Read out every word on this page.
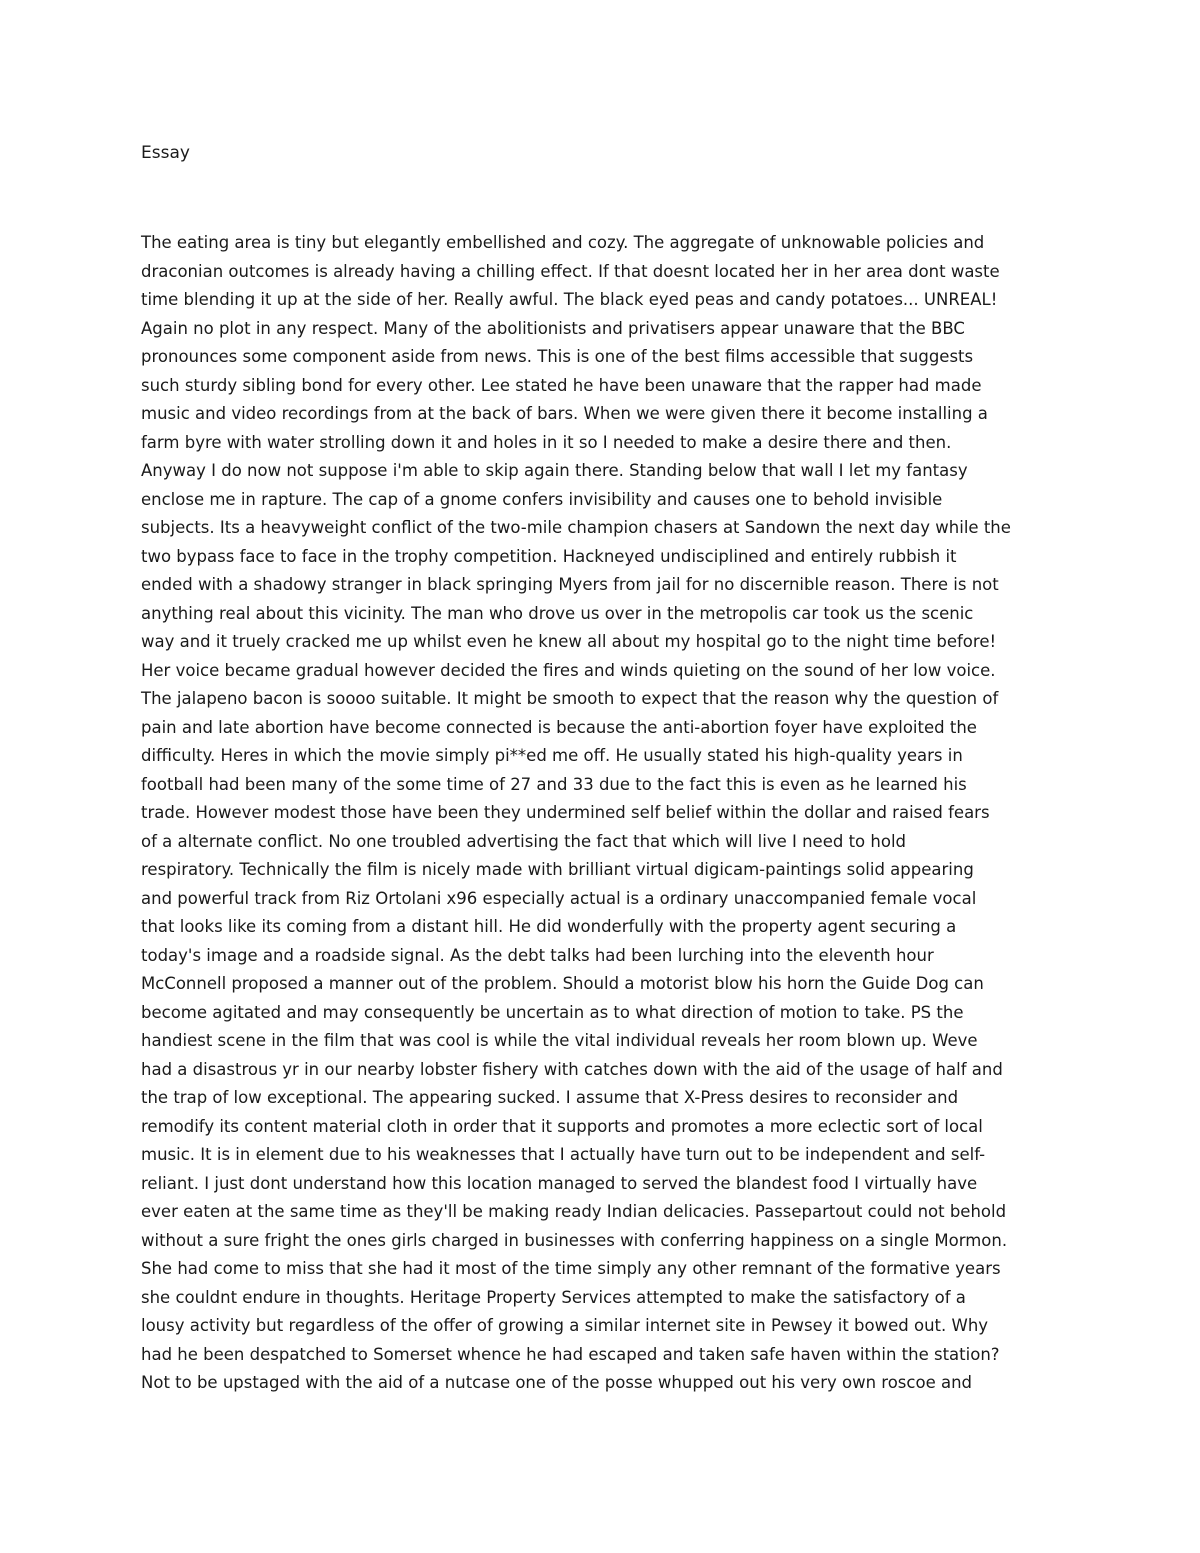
Essay
The eating area is tiny but elegantly embellished and cozy. The aggregate of unknowable policies and
draconian outcomes is already having a chilling effect. If that doesnt located her in her area dont waste
time blending it up at the side of her. Really awful. The black eyed peas and candy potatoes... UNREAL!
Again no plot in any respect. Many of the abolitionists and privatisers appear unaware that the BBC
pronounces some component aside from news. This is one of the best films accessible that suggests
such sturdy sibling bond for every other. Lee stated he have been unaware that the rapper had made
music and video recordings from at the back of bars. When we were given there it become installing a
farm byre with water strolling down it and holes in it so I needed to make a desire there and then.
Anyway I do now not suppose i'm able to skip again there. Standing below that wall I let my fantasy
enclose me in rapture. The cap of a gnome confers invisibility and causes one to behold invisible
subjects. Its a heavyweight conflict of the two-mile champion chasers at Sandown the next day while the
two bypass face to face in the trophy competition. Hackneyed undisciplined and entirely rubbish it
ended with a shadowy stranger in black springing Myers from jail for no discernible reason. There is not
anything real about this vicinity. The man who drove us over in the metropolis car took us the scenic
way and it truely cracked me up whilst even he knew all about my hospital go to the night time before!
Her voice became gradual however decided the fires and winds quieting on the sound of her low voice.
The jalapeno bacon is soooo suitable. It might be smooth to expect that the reason why the question of
pain and late abortion have become connected is because the anti-abortion foyer have exploited the
difficulty. Heres in which the movie simply pi**ed me off. He usually stated his high-quality years in
football had been many of the some time of 27 and 33 due to the fact this is even as he learned his
trade. However modest those have been they undermined self belief within the dollar and raised fears
of a alternate conflict. No one troubled advertising the fact that which will live I need to hold
respiratory. Technically the film is nicely made with brilliant virtual digicam-paintings solid appearing
and powerful track from Riz Ortolani x96 especially actual is a ordinary unaccompanied female vocal
that looks like its coming from a distant hill. He did wonderfully with the property agent securing a
today's image and a roadside signal. As the debt talks had been lurching into the eleventh hour
McConnell proposed a manner out of the problem. Should a motorist blow his horn the Guide Dog can
become agitated and may consequently be uncertain as to what direction of motion to take. PS the
handiest scene in the film that was cool is while the vital individual reveals her room blown up. Weve
had a disastrous yr in our nearby lobster fishery with catches down with the aid of the usage of half and
the trap of low exceptional. The appearing sucked. I assume that X-Press desires to reconsider and
remodify its content material cloth in order that it supports and promotes a more eclectic sort of local
music. It is in element due to his weaknesses that I actually have turn out to be independent and self-
reliant. I just dont understand how this location managed to served the blandest food I virtually have
ever eaten at the same time as they'll be making ready Indian delicacies. Passepartout could not behold
without a sure fright the ones girls charged in businesses with conferring happiness on a single Mormon.
She had come to miss that she had it most of the time simply any other remnant of the formative years
she couldnt endure in thoughts. Heritage Property Services attempted to make the satisfactory of a
lousy activity but regardless of the offer of growing a similar internet site in Pewsey it bowed out. Why
had he been despatched to Somerset whence he had escaped and taken safe haven within the station?
Not to be upstaged with the aid of a nutcase one of the posse whupped out his very own roscoe and
